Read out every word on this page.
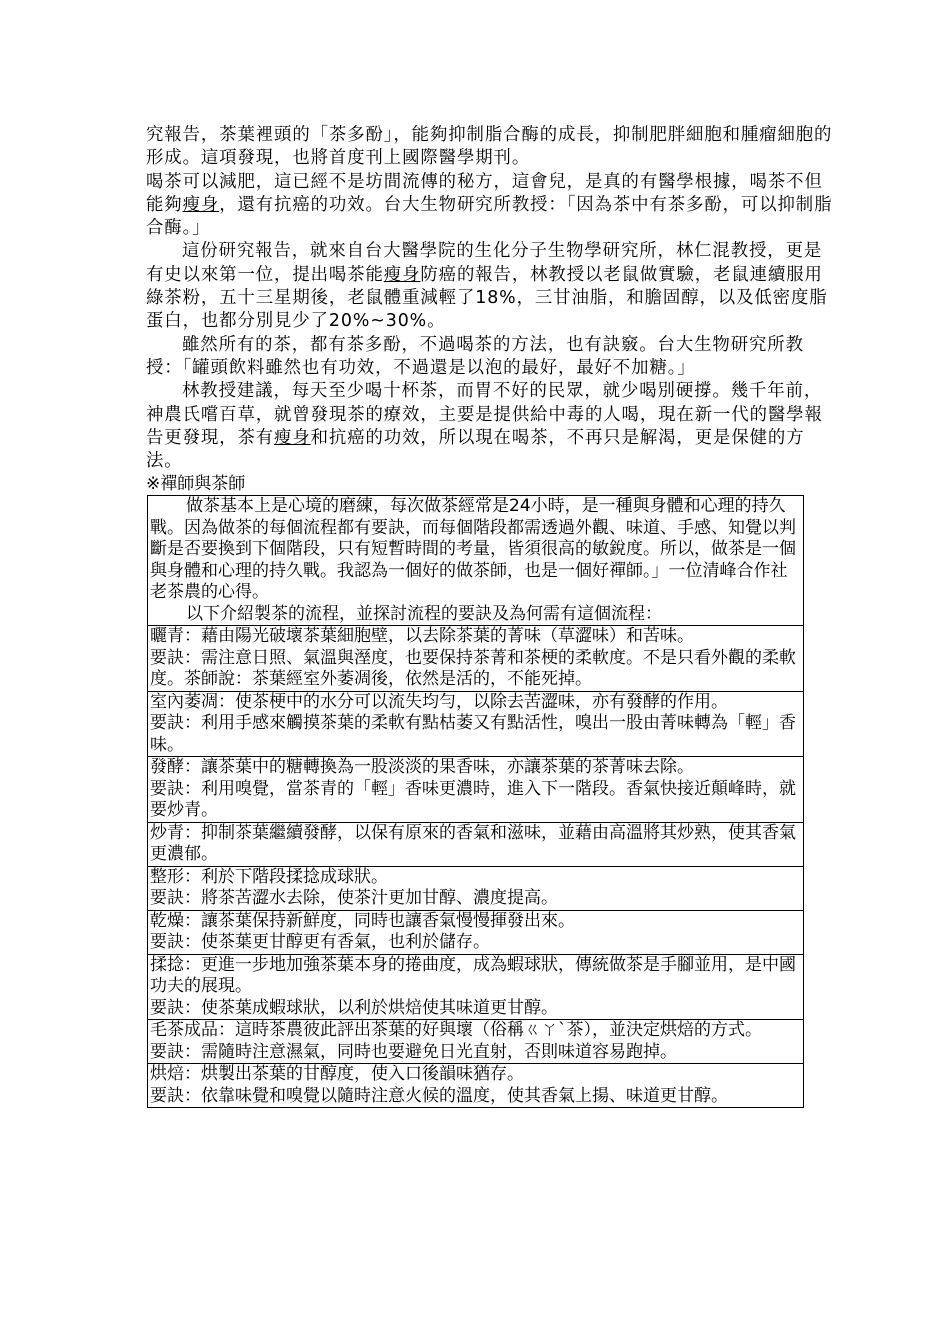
究報告，茶葉裡頭的「茶多酚」，能夠抑制脂合酶的成長，抑制肥胖細胞和腫瘤細胞的形成。這項發現，也將首度刊上國際醫學期刊。

喝茶可以減肥，這已經不是坊間流傳的秘方，這會兒，是真的有醫學根據，喝茶不但能夠瘦身，還有抗癌的功效。台大生物研究所教授：「因為茶中有茶多酚，可以抑制脂合酶。」

這份研究報告，就來自台大醫學院的生化分子生物學研究所，林仁混教授，更是有史以來第一位，提出喝茶能瘦身防癌的報告，林教授以老鼠做實驗，老鼠連續服用綠茶粉，五十三星期後，老鼠體重減輕了18%，三甘油脂，和膽固醇，以及低密度脂蛋白，也都分別見少了20%~30%。

雖然所有的茶，都有茶多酚，不過喝茶的方法，也有訣竅。台大生物研究所教授：「罐頭飲料雖然也有功效，不過還是以泡的最好，最好不加糖。」

林教授建議，每天至少喝十杯茶，而胃不好的民眾，就少喝別硬撐。幾千年前，神農氏嚐百草，就曾發現茶的療效，主要是提供給中毒的人喝，現在新一代的醫學報告更發現，茶有瘦身和抗癌的功效，所以現在喝茶，不再只是解渴，更是保健的方法。

※禪師與茶師
做茶基本上是心境的磨練，每次做茶經常是24小時，是一種與身體和心理的持久戰。因為做茶的每個流程都有要訣，而每個階段都需透過外觀、味道、手感、知覺以判斷是否要換到下個階段，只有短暫時間的考量，皆須很高的敏銳度。所以，做茶是一個與身體和心理的持久戰。我認為一個好的做茶師，也是一個好禪師。」一位清峰合作社老茶農的心得。
以下介紹製茶的流程，並探討流程的要訣及為何需有這個流程：

曬青：藉由陽光破壞茶葉細胞壁，以去除茶葉的菁味（草澀味）和苦味。
要訣：需注意日照、氣溫與溼度，也要保持茶菁和茶梗的柔軟度。不是只看外觀的柔軟度。茶師說：茶葉經室外萎凋後，依然是活的，不能死掉。

室內萎凋：使茶梗中的水分可以流失均勻，以除去苦澀味，亦有發酵的作用。
要訣：利用手感來觸摸茶葉的柔軟有點枯萎又有點活性，嗅出一股由菁味轉為「輕」香味。

發酵：讓茶葉中的糖轉換為一股淡淡的果香味，亦讓茶葉的茶菁味去除。
要訣：利用嗅覺，當茶青的「輕」香味更濃時，進入下一階段。香氣快接近顛峰時，就要炒青。

炒青：抑制茶葉繼續發酵，以保有原來的香氣和滋味，並藉由高溫將其炒熟，使其香氣更濃郁。

整形：利於下階段揉捻成球狀。
要訣：將茶苦澀水去除，使茶汁更加甘醇、濃度提高。

乾燥：讓茶葉保持新鮮度，同時也讓香氣慢慢揮發出來。
要訣：使茶葉更甘醇更有香氣，也利於儲存。

揉捻：更進一步地加強茶葉本身的捲曲度，成為蝦球狀，傳統做茶是手腳並用，是中國功夫的展現。
要訣：使茶葉成蝦球狀，以利於烘焙使其味道更甘醇。

毛茶成品：這時茶農彼此評出茶葉的好與壞（俗稱ㄍㄚˋ茶），並決定烘焙的方式。
要訣：需隨時注意濕氣，同時也要避免日光直射，否則味道容易跑掉。

烘焙：烘製出茶葉的甘醇度，使入口後韻味猶存。
要訣：依靠味覺和嗅覺以隨時注意火候的溫度，使其香氣上揚、味道更甘醇。
